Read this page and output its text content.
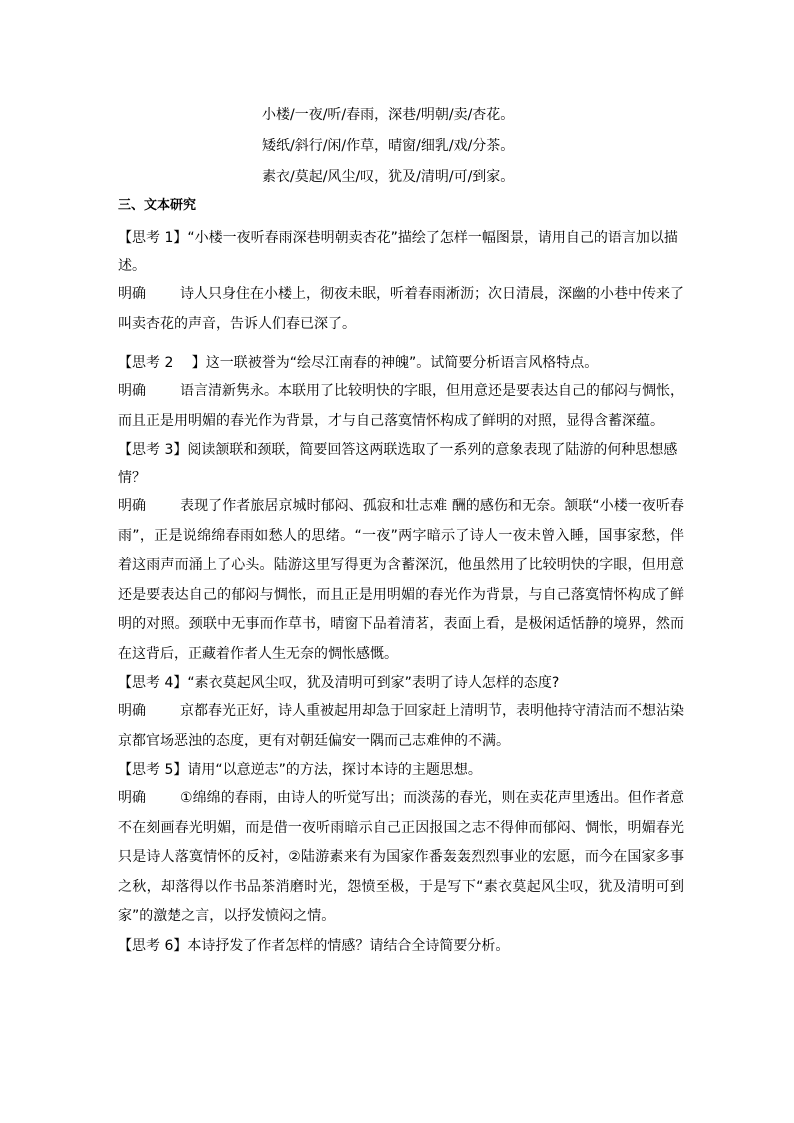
小楼/一夜/听/春雨，深巷/明朝/卖/杏花。
矮纸/斜行/闲/作草，晴窗/细乳/戏/分茶。
素衣/莫起/风尘/叹，犹及/清明/可/到家。
三、文本研究
【思考 1】“小楼一夜听春雨深巷明朝卖杏花”描绘了怎样一幅图景，请用自己的语言加以描述。
明确 诗人只身住在小楼上，彻夜未眠，听着春雨淅沥；次日清晨，深幽的小巷中传来了叫卖杏花的声音，告诉人们春已深了。
【思考 2　 】这一联被誉为“绘尽江南春的神魄”。试简要分析语言风格特点。
明确 语言清新隽永。本联用了比较明快的字眼，但用意还是要表达自己的郁闷与惆怅，而且正是用明媚的春光作为背景，才与自己落寞情怀构成了鲜明的对照，显得含蓄深蕴。
【思考 3】阅读颔联和颈联，简要回答这两联选取了一系列的意象表现了陆游的何种思想感情？
明确 表现了作者旅居京城时郁闷、孤寂和壮志难 酬的感伤和无奈。颔联“小楼一夜听春雨”，正是说绵绵春雨如愁人的思绪。“一夜”两字暗示了诗人一夜未曾入睡，国事家愁，伴着这雨声而涌上了心头。陆游这里写得更为含蓄深沉，他虽然用了比较明快的字眼，但用意还是要表达自己的郁闷与惆怅，而且正是用明媚的春光作为背景，与自己落寞情怀构成了鲜明的对照。颈联中无事而作草书，晴窗下品着清茗，表面上看，是极闲适恬静的境界，然而在这背后，正藏着作者人生无奈的惆怅感慨。
【思考 4】“素衣莫起风尘叹，犹及清明可到家”表明了诗人怎样的态度?
明确 京都春光正好，诗人重被起用却急于回家赶上清明节，表明他持守清洁而不想沾染京都官场恶浊的态度，更有对朝廷偏安一隅而己志难伸的不满。
【思考 5】请用“以意逆志”的方法，探讨本诗的主题思想。
明确 ①绵绵的春雨，由诗人的听觉写出；而淡荡的春光，则在卖花声里透出。但作者意不在刻画春光明媚，而是借一夜听雨暗示自己正因报国之志不得伸而郁闷、惆怅，明媚春光只是诗人落寞情怀的反衬，②陆游素来有为国家作番轰轰烈烈事业的宏愿，而今在国家多事之秋，却落得以作书品茶消磨时光，怨愤至极，于是写下“素衣莫起风尘叹，犹及清明可到家”的激楚之言，以抒发愤闷之情。
【思考 6】本诗抒发了作者怎样的情感？请结合全诗简要分析。
